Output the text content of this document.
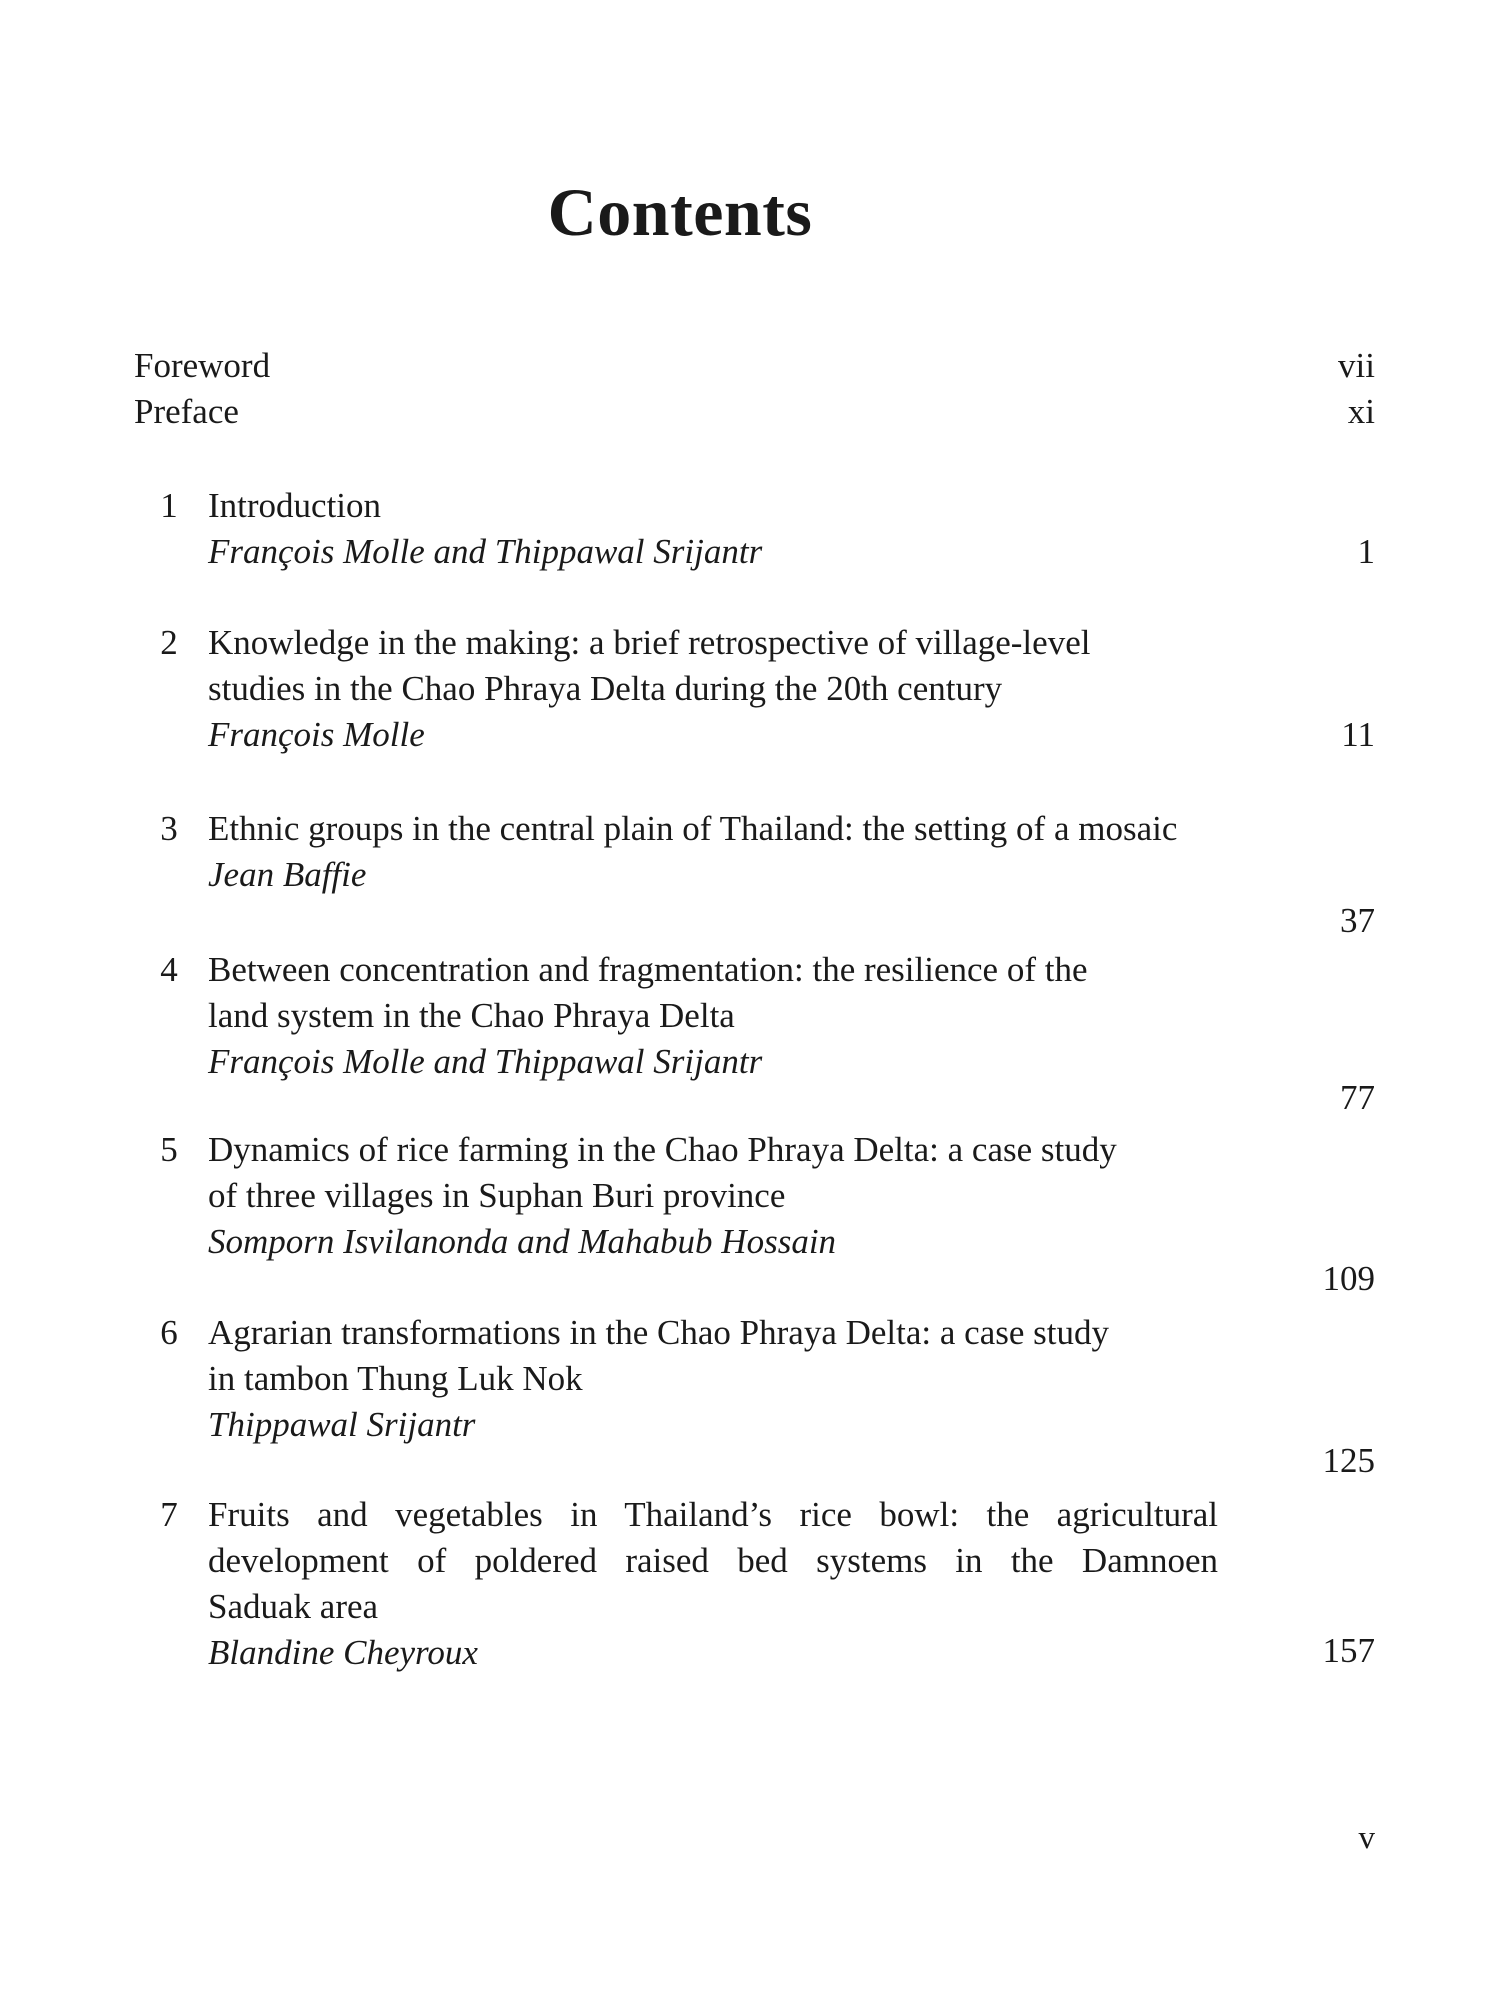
Contents
Foreword	vii
Preface	xi
1 Introduction
François Molle and Thippawal Srijantr	1
2 Knowledge in the making: a brief retrospective of village-level
studies in the Chao Phraya Delta during the 20th century
François Molle	11
3 Ethnic groups in the central plain of Thailand: the setting of a mosaic
Jean Baffie
37
4 Between concentration and fragmentation: the resilience of the
land system in the Chao Phraya Delta
François Molle and Thippawal Srijantr
77
5 Dynamics of rice farming in the Chao Phraya Delta: a case study
of three villages in Suphan Buri province
Somporn Isvilanonda and Mahabub Hossain
109
6 Agrarian transformations in the Chao Phraya Delta: a case study
in tambon Thung Luk Nok
Thippawal Srijantr
125
7 Fruits and vegetables in Thailand’s rice bowl: the agricultural
development of poldered raised bed systems in the Damnoen
Saduak area
Blandine Cheyroux	157
v
